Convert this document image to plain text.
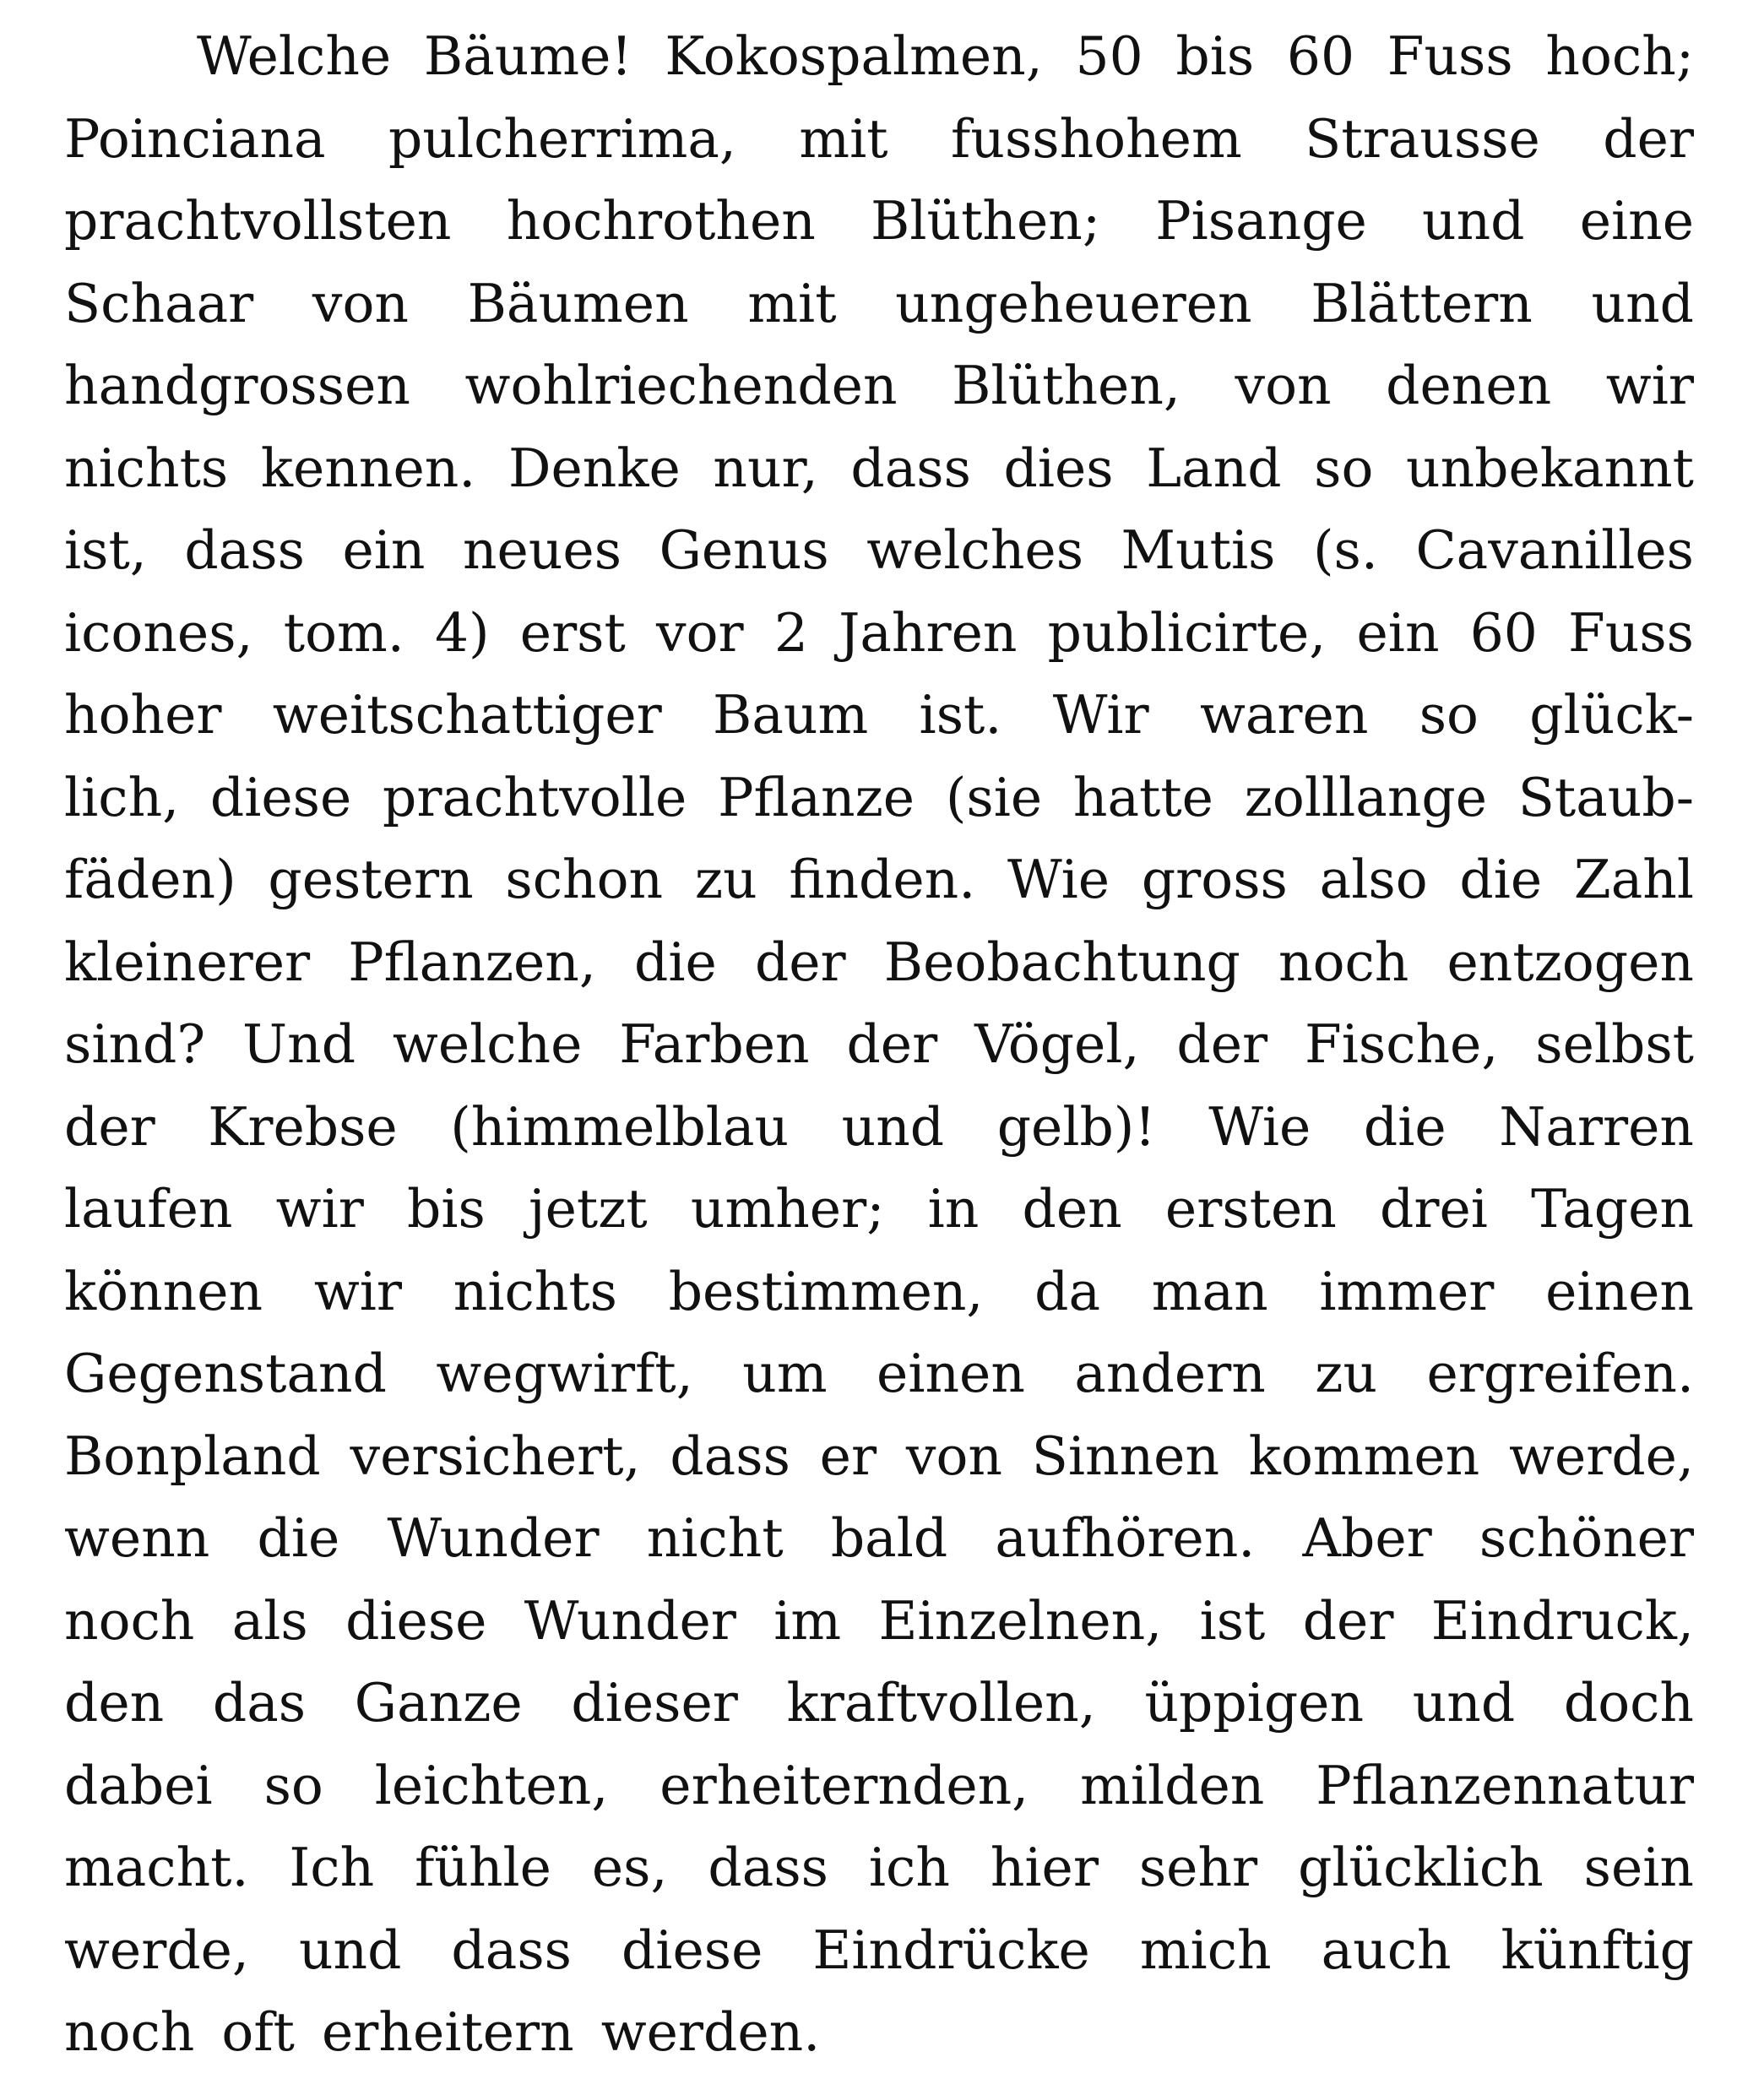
Welche Bäume! Kokospalmen, 50 bis 60 Fuss hoch;
Poinciana pulcherrima, mit fusshohem Strausse der
prachtvollsten hochrothen Blüthen; Pisange und eine
Schaar von Bäumen mit ungeheueren Blättern und
handgrossen wohlriechenden Blüthen, von denen wir
nichts kennen. Denke nur, dass dies Land so unbekannt
ist, dass ein neues Genus welches Mutis (s. Cavanilles
icones, tom. 4) erst vor 2 Jahren publicirte, ein 60 Fuss
hoher weitschattiger Baum ist. Wir waren so glück-
lich, diese prachtvolle Pflanze (sie hatte zolllange Staub-
fäden) gestern schon zu finden. Wie gross also die Zahl
kleinerer Pflanzen, die der Beobachtung noch entzogen
sind? Und welche Farben der Vögel, der Fische, selbst
der Krebse (himmelblau und gelb)! Wie die Narren
laufen wir bis jetzt umher; in den ersten drei Tagen
können wir nichts bestimmen, da man immer einen
Gegenstand wegwirft, um einen andern zu ergreifen.
Bonpland versichert, dass er von Sinnen kommen werde,
wenn die Wunder nicht bald aufhören. Aber schöner
noch als diese Wunder im Einzelnen, ist der Eindruck,
den das Ganze dieser kraftvollen, üppigen und doch
dabei so leichten, erheiternden, milden Pflanzennatur
macht. Ich fühle es, dass ich hier sehr glücklich sein
werde, und dass diese Eindrücke mich auch künftig
noch oft erheitern werden.
